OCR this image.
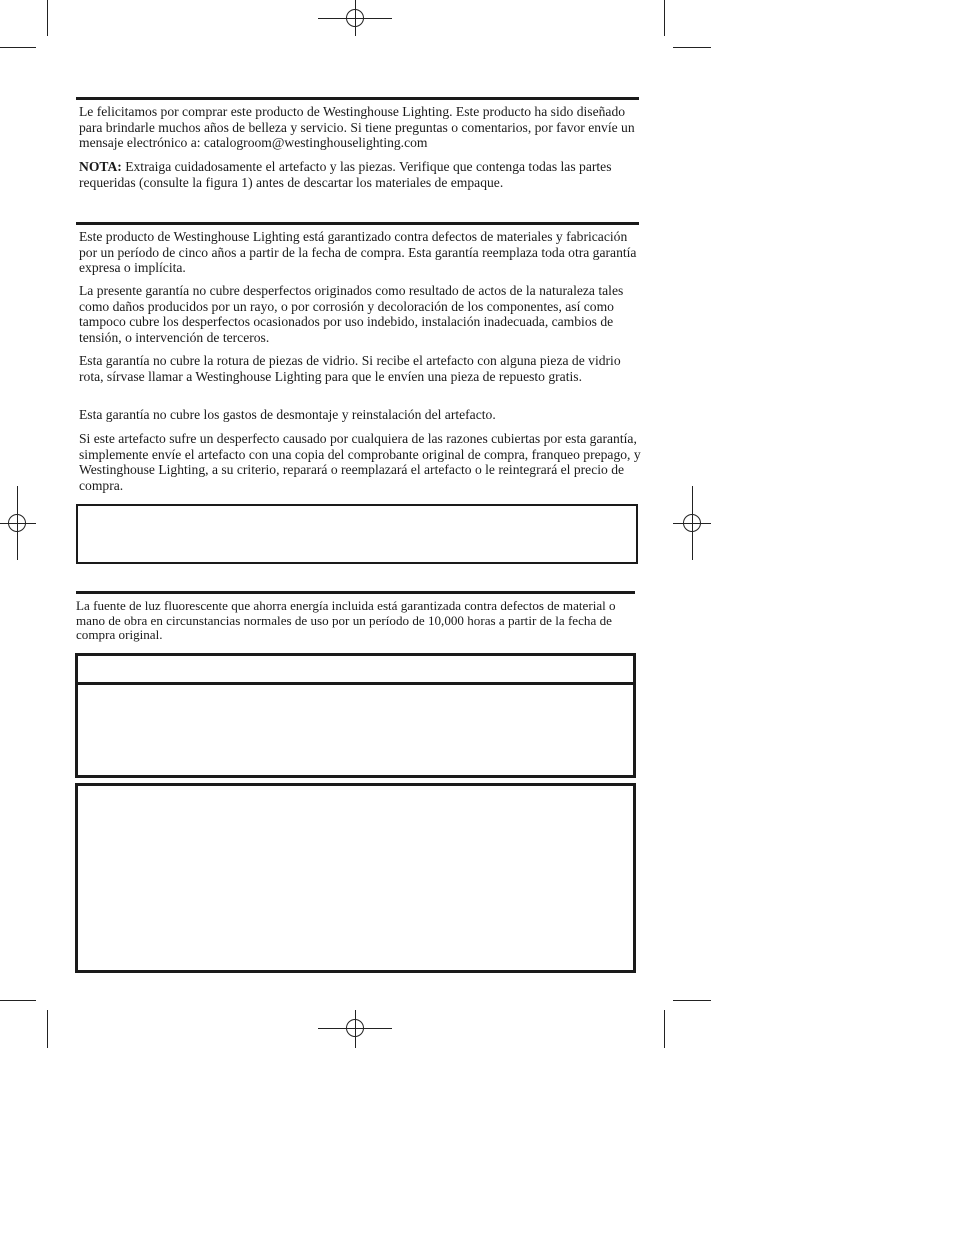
Le felicitamos por comprar este producto de Westinghouse Lighting. Este producto ha sido diseñado para brindarle muchos años de belleza y servicio. Si tiene preguntas o comentarios, por favor envíe un mensaje electrónico a: catalogroom@westinghouselighting.com

NOTA: Extraiga cuidadosamente el artefacto y las piezas. Verifique que contenga todas las partes requeridas (consulte la figura 1) antes de descartar los materiales de empaque.

Este producto de Westinghouse Lighting está garantizado contra defectos de materiales y fabricación por un período de cinco años a partir de la fecha de compra. Esta garantía reemplaza toda otra garantía expresa o implícita.

La presente garantía no cubre desperfectos originados como resultado de actos de la naturaleza tales como daños producidos por un rayo, o por corrosión y decoloración de los componentes, así como tampoco cubre los desperfectos ocasionados por uso indebido, instalación inadecuada, cambios de tensión, o intervención de terceros.

Esta garantía no cubre la rotura de piezas de vidrio. Si recibe el artefacto con alguna pieza de vidrio rota, sírvase llamar a Westinghouse Lighting para que le envíen una pieza de repuesto gratis.

Esta garantía no cubre los gastos de desmontaje y reinstalación del artefacto.

Si este artefacto sufre un desperfecto causado por cualquiera de las razones cubiertas por esta garantía, simplemente envíe el artefacto con una copia del comprobante original de compra, franqueo prepago, y Westinghouse Lighting, a su criterio, reparará o reemplazará el artefacto o le reintegrará el precio de compra.

La fuente de luz fluorescente que ahorra energía incluida está garantizada contra defectos de material o mano de obra en circunstancias normales de uso por un período de 10,000 horas a partir de la fecha de compra original.
